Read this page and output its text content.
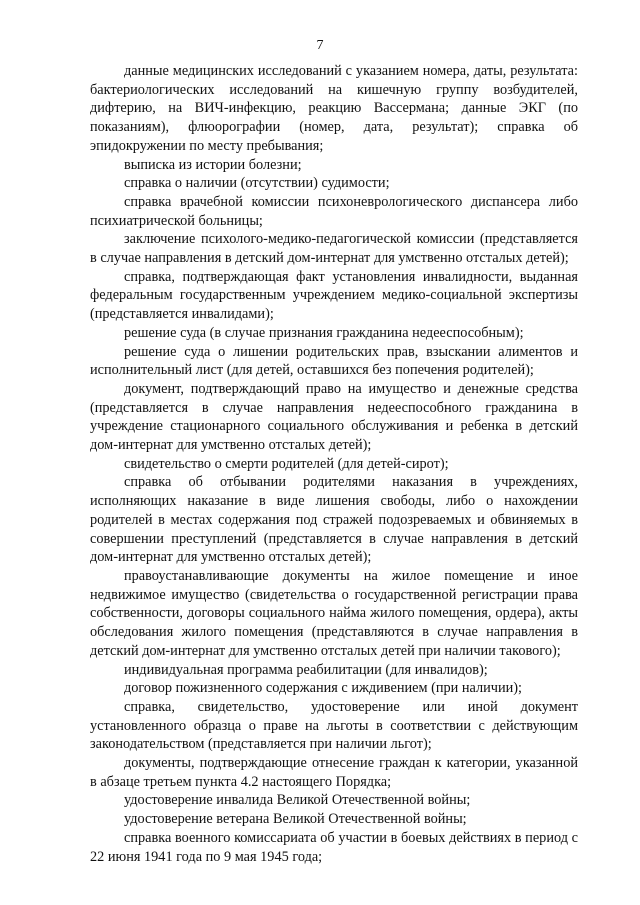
7

данные медицинских исследований с указанием номера, даты, результата: бактериологических исследований на кишечную группу возбудителей, дифтерию, на ВИЧ-инфекцию, реакцию Вассермана; данные ЭКГ (по показаниям), флюорографии (номер, дата, результат); справка об эпидокружении по месту пребывания;

выписка из истории болезни;

справка о наличии (отсутствии) судимости;

справка врачебной комиссии психоневрологического диспансера либо психиатрической больницы;

заключение психолого-медико-педагогической комиссии (представляется в случае направления в детский дом-интернат для умственно отсталых детей);

справка, подтверждающая факт установления инвалидности, выданная федеральным государственным учреждением медико-социальной экспертизы (представляется инвалидами);

решение суда (в случае признания гражданина недееспособным);

решение суда о лишении родительских прав, взыскании алиментов и исполнительный лист (для детей, оставшихся без попечения родителей);

документ, подтверждающий право на имущество и денежные средства (представляется в случае направления недееспособного гражданина в учреждение стационарного социального обслуживания и ребенка в детский дом-интернат для умственно отсталых детей);

свидетельство о смерти родителей (для детей-сирот);

справка об отбывании родителями наказания в учреждениях, исполняющих наказание в виде лишения свободы, либо о нахождении родителей в местах содержания под стражей подозреваемых и обвиняемых в совершении преступлений (представляется в случае направления в детский дом-интернат для умственно отсталых детей);

правоустанавливающие документы на жилое помещение и иное недвижимое имущество (свидетельства о государственной регистрации права собственности, договоры социального найма жилого помещения, ордера), акты обследования жилого помещения (представляются в случае направления в детский дом-интернат для умственно отсталых детей при наличии такового);

индивидуальная программа реабилитации (для инвалидов);

договор пожизненного содержания с иждивением (при наличии);

справка, свидетельство, удостоверение или иной документ установленного образца о праве на льготы в соответствии с действующим законодательством (представляется при наличии льгот);

документы, подтверждающие отнесение граждан к категории, указанной в абзаце третьем пункта 4.2 настоящего Порядка;

удостоверение инвалида Великой Отечественной войны;

удостоверение ветерана Великой Отечественной войны;

справка военного комиссариата об участии в боевых действиях в период с 22 июня 1941 года по 9 мая 1945 года;
